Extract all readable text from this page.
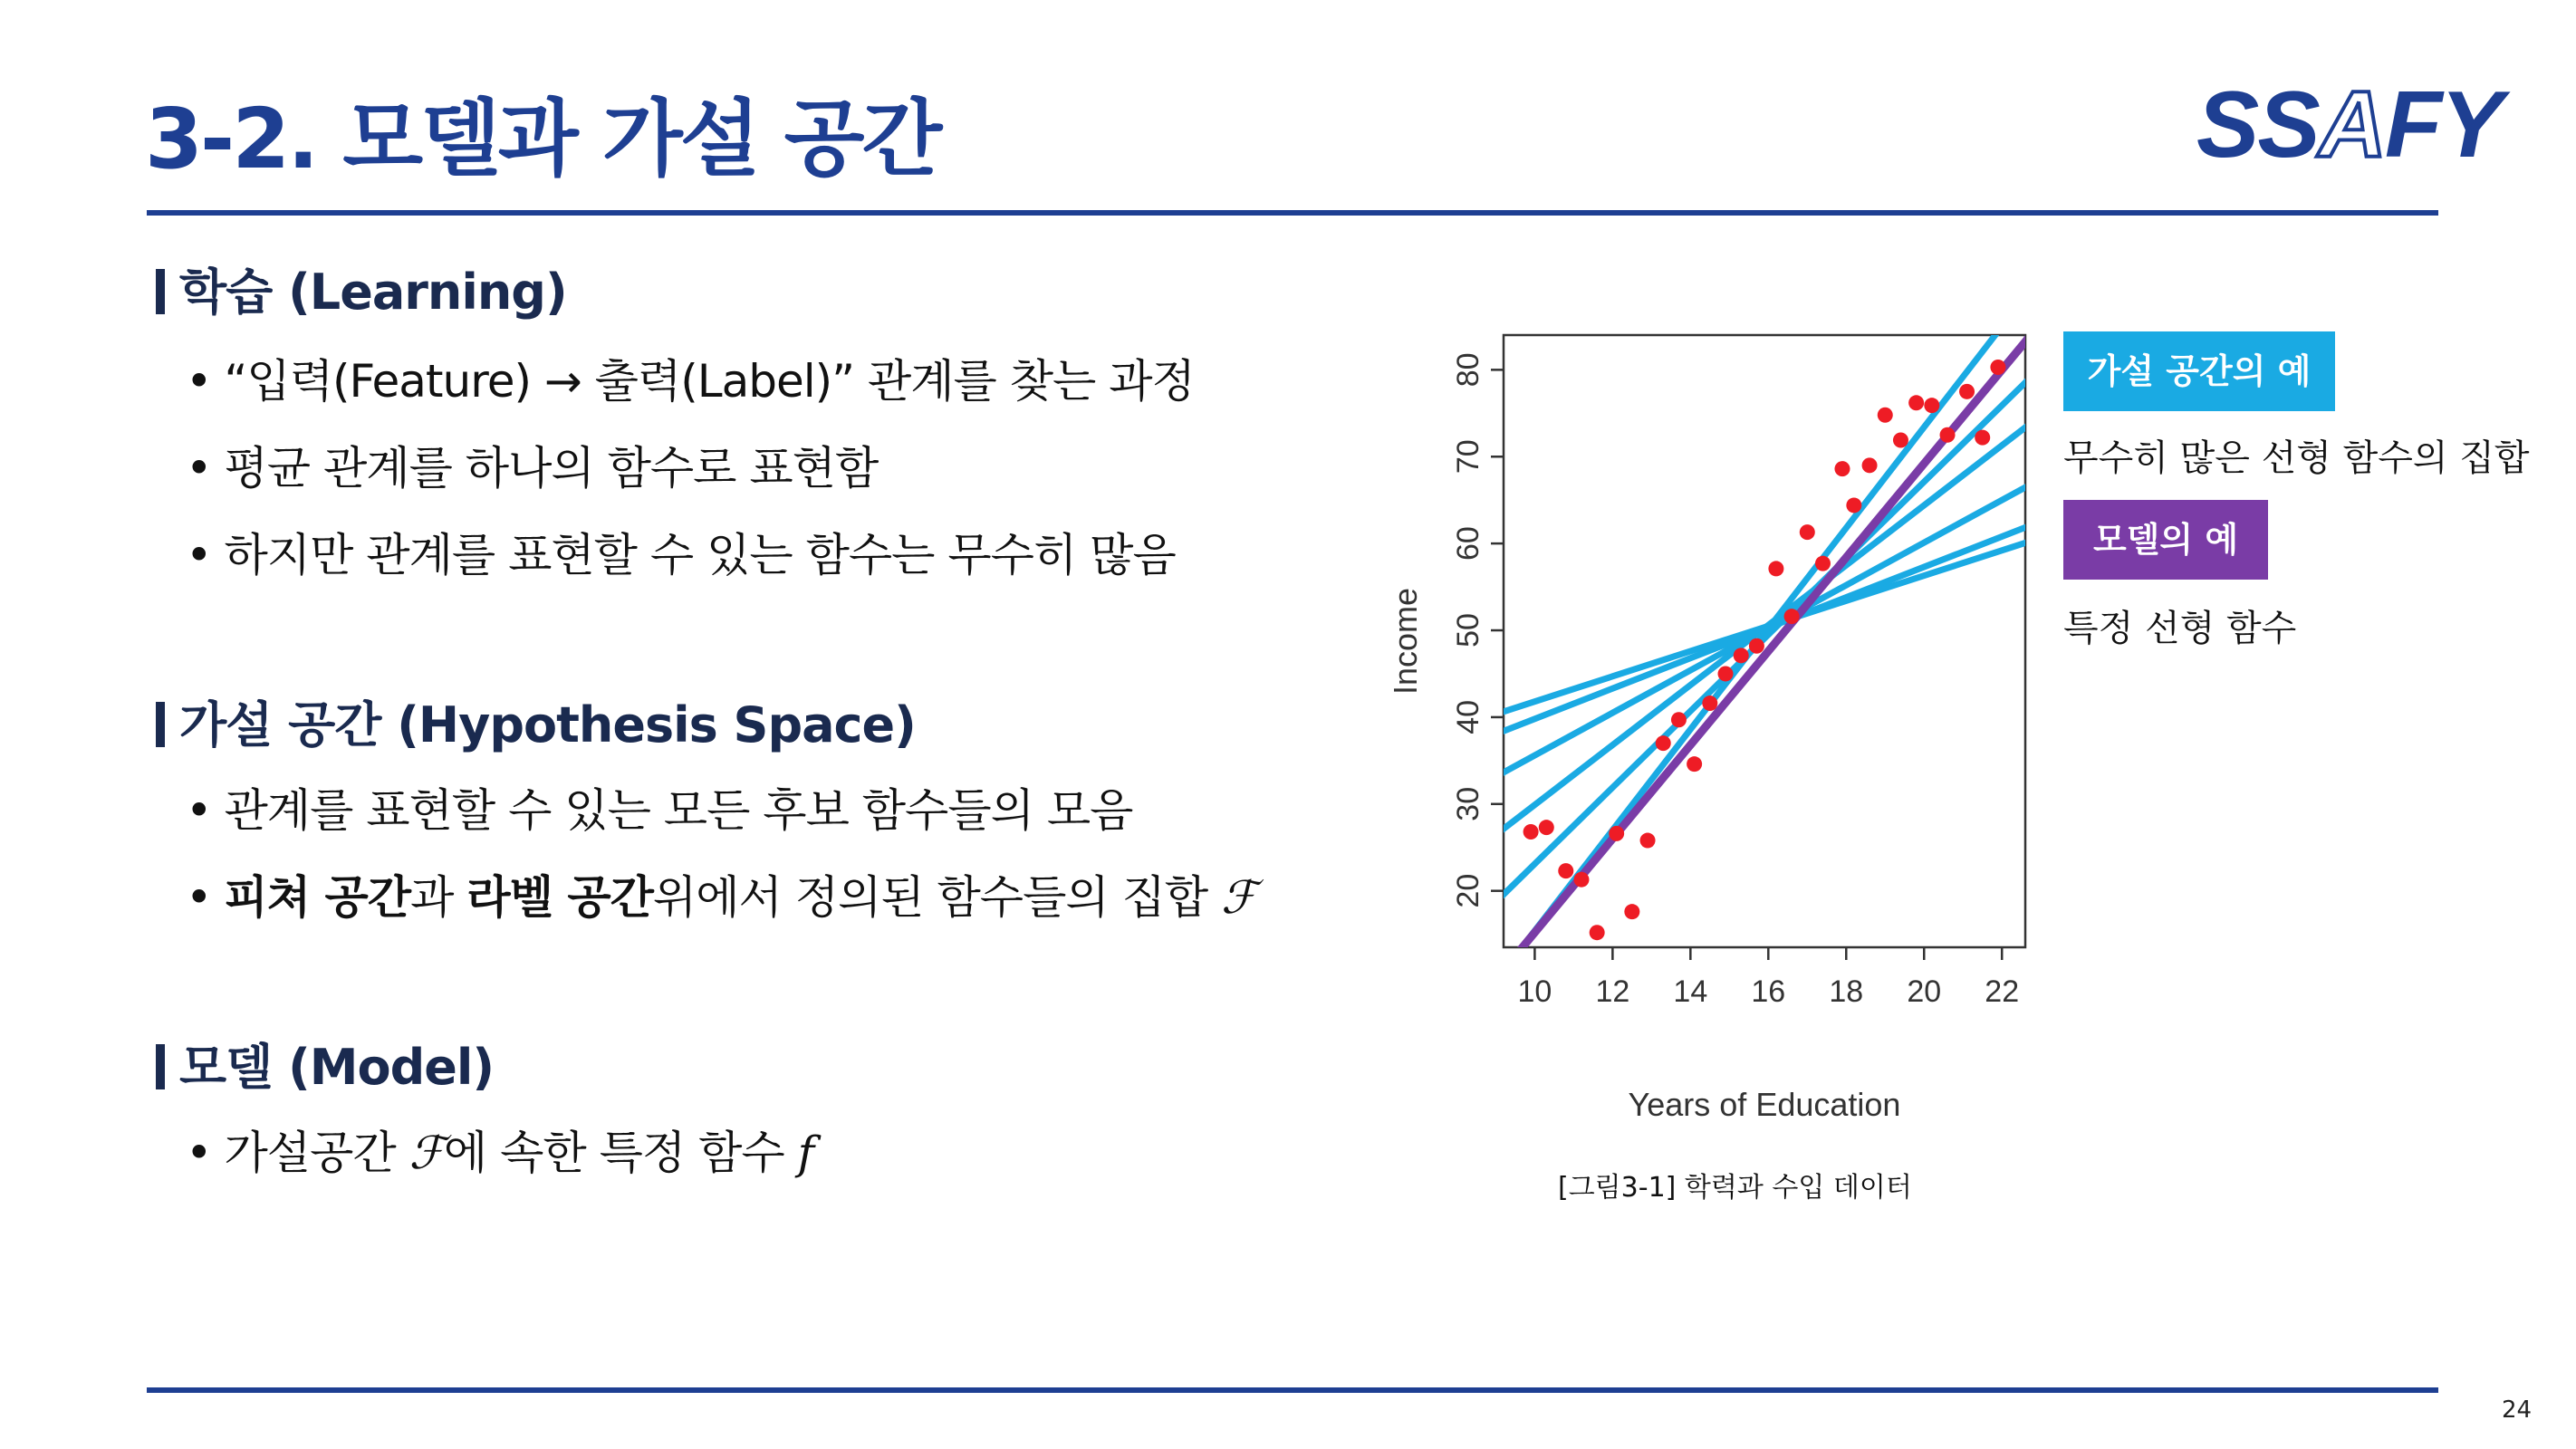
3-2. 모델과 가설 공간	SSAFY
학습 (Learning)
• “입력(Feature) → 출력(Label)” 관계를 찾는 과정
• 평균 관계를 하나의 함수로 표현함
• 하지만 관계를 표현할 수 있는 함수는 무수히 많음
가설 공간 (Hypothesis Space)
• 관계를 표현할 수 있는 모든 후보 함수들의 모음
• 피쳐 공간과 라벨 공간위에서 정의된 함수들의 집합 ℱ
모델 (Model)
• 가설공간 ℱ에 속한 특정 함수 f
10 12 14 16 18 20 22
20
30
40
50
60
70
80
Years of Education
Income
[그림3-1] 학력과 수입 데이터
가설 공간의 예
무수히 많은 선형 함수의 집합
모델의 예
특정 선형 함수
24
